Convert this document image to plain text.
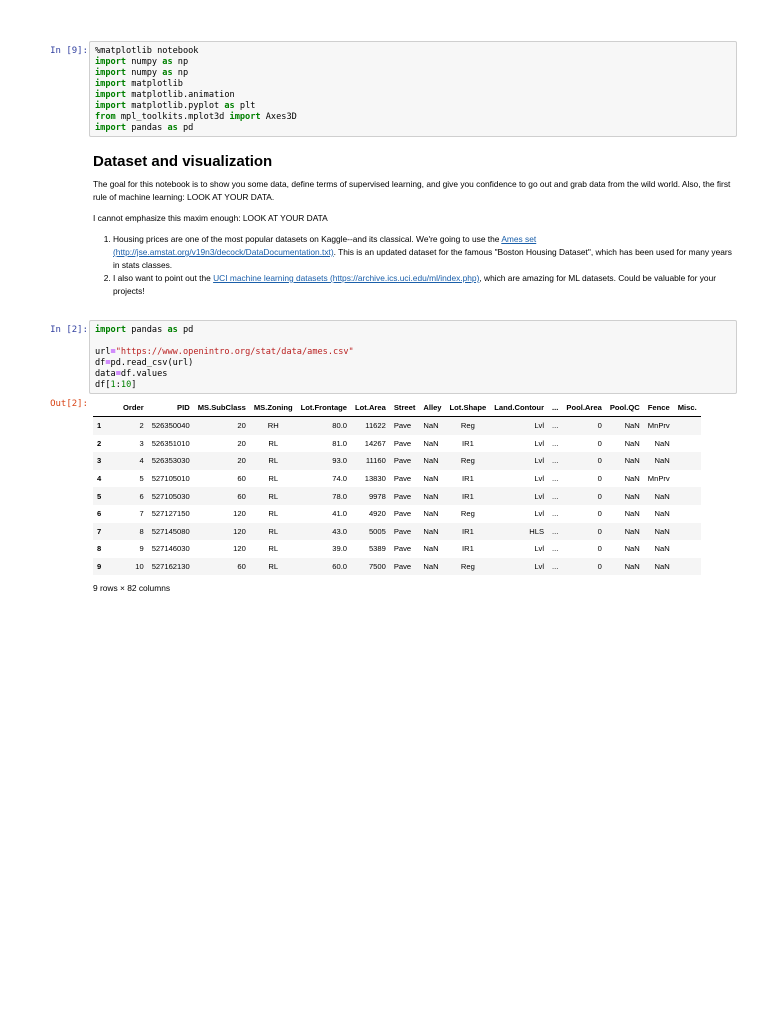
In [9]: %matplotlib notebook
import numpy as np
import numpy as np
import matplotlib
import matplotlib.animation
import matplotlib.pyplot as plt
from mpl_toolkits.mplot3d import Axes3D
import pandas as pd
Dataset and visualization

The goal for this notebook is to show you some data, define terms of supervised learning, and give you confidence to go out and grab data from the wild world. Also, the first rule of machine learning: LOOK AT YOUR DATA.

I cannot emphasize this maxim enough: LOOK AT YOUR DATA

1. Housing prices are one of the most popular datasets on Kaggle--and its classical. We're going to use the Ames set (http://jse.amstat.org/v19n3/decock/DataDocumentation.txt). This is an updated dataset for the famous "Boston Housing Dataset", which has been used for many years in stats classes.
2. I also want to point out the UCI machine learning datasets (https://archive.ics.uci.edu/ml/index.php), which are amazing for ML datasets. Could be valuable for your projects!
In [2]: import pandas as pd

url="https://www.openintro.org/stat/data/ames.csv"
df=pd.read_csv(url)
data=df.values
df[1:10]
Out[2]:
		Order	PID	MS.SubClass	MS.Zoning	Lot.Frontage	Lot.Area	Street	Alley	Lot.Shape	Land.Contour	...	Pool.Area	Pool.QC	Fence	Misc.
1	2	526350040	20	RH	80.0	11622	Pave	NaN	Reg	Lvl	...	0	NaN	MnPrv	
2	3	526351010	20	RL	81.0	14267	Pave	NaN	IR1	Lvl	...	0	NaN	NaN	
3	4	526353030	20	RL	93.0	11160	Pave	NaN	Reg	Lvl	...	0	NaN	NaN	
4	5	527105010	60	RL	74.0	13830	Pave	NaN	IR1	Lvl	...	0	NaN	MnPrv	
5	6	527105030	60	RL	78.0	9978	Pave	NaN	IR1	Lvl	...	0	NaN	NaN	
6	7	527127150	120	RL	41.0	4920	Pave	NaN	Reg	Lvl	...	0	NaN	NaN	
7	8	527145080	120	RL	43.0	5005	Pave	NaN	IR1	HLS	...	0	NaN	NaN	
8	9	527146030	120	RL	39.0	5389	Pave	NaN	IR1	Lvl	...	0	NaN	NaN	
9	10	527162130	60	RL	60.0	7500	Pave	NaN	Reg	Lvl	...	0	NaN	NaN	
9 rows × 82 columns
